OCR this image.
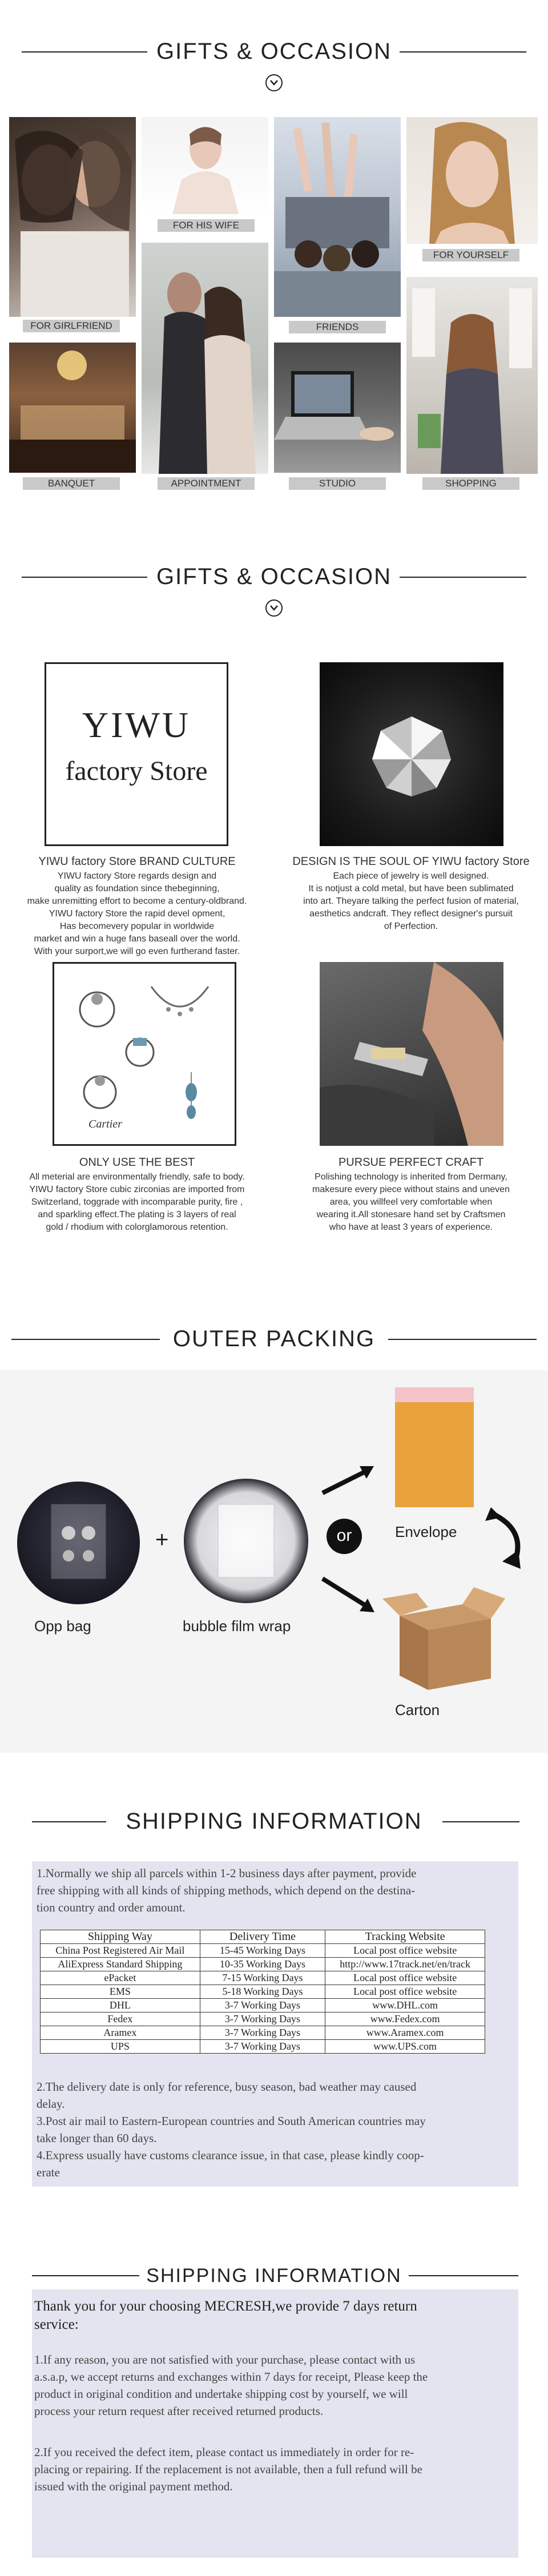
GIFTS & OCCASION
FOR GIRLFRIEND
BANQUET
FOR HIS WIFE
APPOINTMENT
FRIENDS
STUDIO
FOR YOURSELF
SHOPPING
GIFTS & OCCASION
YIWU
factory Store
YIWU factory Store BRAND CULTURE
YIWU factory Store regards design and
quality as foundation since thebeginning,
make unremitting effort to become a century-oldbrand.
YIWU factory Store the rapid devel opment,
Has becomevery popular in worldwide
market and win a huge fans baseall over the world.
With your surport,we will go even furtherand faster.
DESIGN IS THE SOUL OF YIWU factory Store
Each piece of jewelry is well designed.
It is notjust a cold metal, but have been sublimated
into art. Theyare talking the perfect fusion of material,
aesthetics andcraft. They reflect designer's pursuit
of Perfection.
Cartier
ONLY USE THE BEST
All meterial are environmentally friendly, safe to body.
YIWU factory Store cubic zirconias are imported from
Switzerland, toggrade with incomparable purity, fire ,
and sparkling effect.The plating is 3 layers of real
gold / rhodium with colorglamorous retention.
PURSUE PERFECT CRAFT
Polishing technology is inherited from Dermany,
makesure every piece without stains and uneven
area, you willfeel very comfortable when
wearing it.All stonesare hand set by Craftsmen
who have at least 3 years of experience.
OUTER PACKING
Envelope
+
Opp bag	bubble film wrap
or
Carton
SHIPPING INFORMATION
1.Normally we ship all parcels within 1-2 business days after payment, provide
free shipping with all kinds of shipping methods, which depend on the destina-
tion country and order amount.
Shipping Way	Delivery Time	Tracking Website
China Post Registered Air Mail	15-45 Working Days	Local post office website
AliExpress Standard Shipping	10-35 Working Days	http://www.17track.net/en/track
ePacket	7-15 Working Days	Local post office website
EMS	5-18 Working Days	Local post office website
DHL	3-7 Working Days	www.DHL.com
Fedex	3-7 Working Days	www.Fedex.com
Aramex	3-7 Working Days	www.Aramex.com
UPS	3-7 Working Days	www.UPS.com
2.The delivery date is only for reference, busy season, bad weather may caused
delay.
3.Post air mail to Eastern-European countries and South American countries may
take longer than 60 days.
4.Express usually have customs clearance issue, in that case, please kindly coop-
erate
SHIPPING INFORMATION
Thank you for your choosing MECRESH,we provide 7 days return
service:
1.If any reason, you are not satisfied with your purchase, please contact with us
a.s.a.p, we accept returns and exchanges within 7 days for receipt, Please keep the
product in original condition and undertake shipping cost by yourself, we will
process your return request after received returned products.
2.If you received the defect item, please contact us immediately in order for re-
placing or repairing. If the replacement is not available, then a full refund will be
issued with the original payment method.
